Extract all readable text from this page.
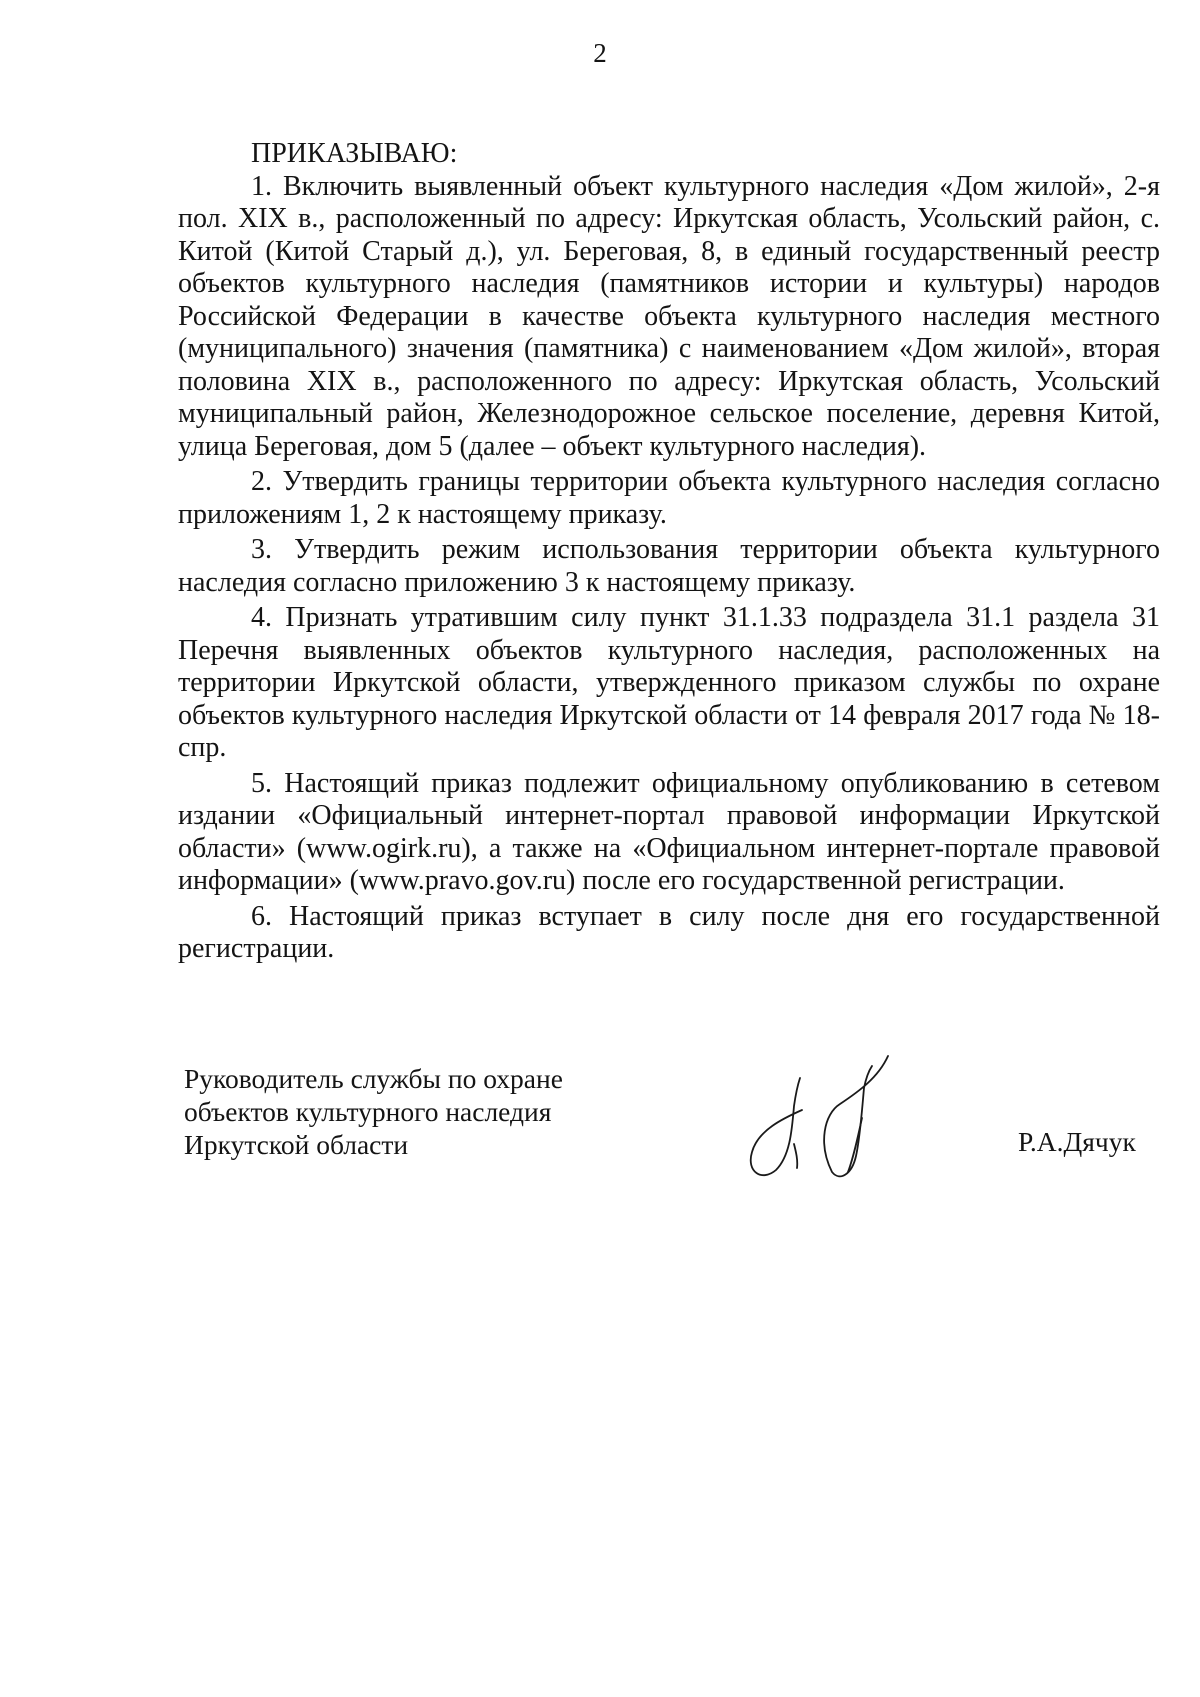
2

ПРИКАЗЫВАЮ:

1. Включить выявленный объект культурного наследия «Дом жилой», 2-я пол. XIX в., расположенный по адресу: Иркутская область, Усольский район, с. Китой (Китой Старый д.), ул. Береговая, 8, в единый государственный реестр объектов культурного наследия (памятников истории и культуры) народов Российской Федерации в качестве объекта культурного наследия местного (муниципального) значения (памятника) с наименованием «Дом жилой», вторая половина XIX в., расположенного по адресу: Иркутская область, Усольский муниципальный район, Железнодорожное сельское поселение, деревня Китой, улица Береговая, дом 5 (далее – объект культурного наследия).

2. Утвердить границы территории объекта культурного наследия согласно приложениям 1, 2 к настоящему приказу.

3. Утвердить режим использования территории объекта культурного наследия согласно приложению 3 к настоящему приказу.

4. Признать утратившим силу пункт 31.1.33 подраздела 31.1 раздела 31 Перечня выявленных объектов культурного наследия, расположенных на территории Иркутской области, утвержденного приказом службы по охране объектов культурного наследия Иркутской области от 14 февраля 2017 года № 18-спр.

5. Настоящий приказ подлежит официальному опубликованию в сетевом издании «Официальный интернет-портал правовой информации Иркутской области» (www.ogirk.ru), а также на «Официальном интернет-портале правовой информации» (www.pravo.gov.ru) после его государственной регистрации.

6. Настоящий приказ вступает в силу после дня его государственной регистрации.

Руководитель службы по охране
объектов культурного наследия
Иркутской области	Р.А.Дячук
